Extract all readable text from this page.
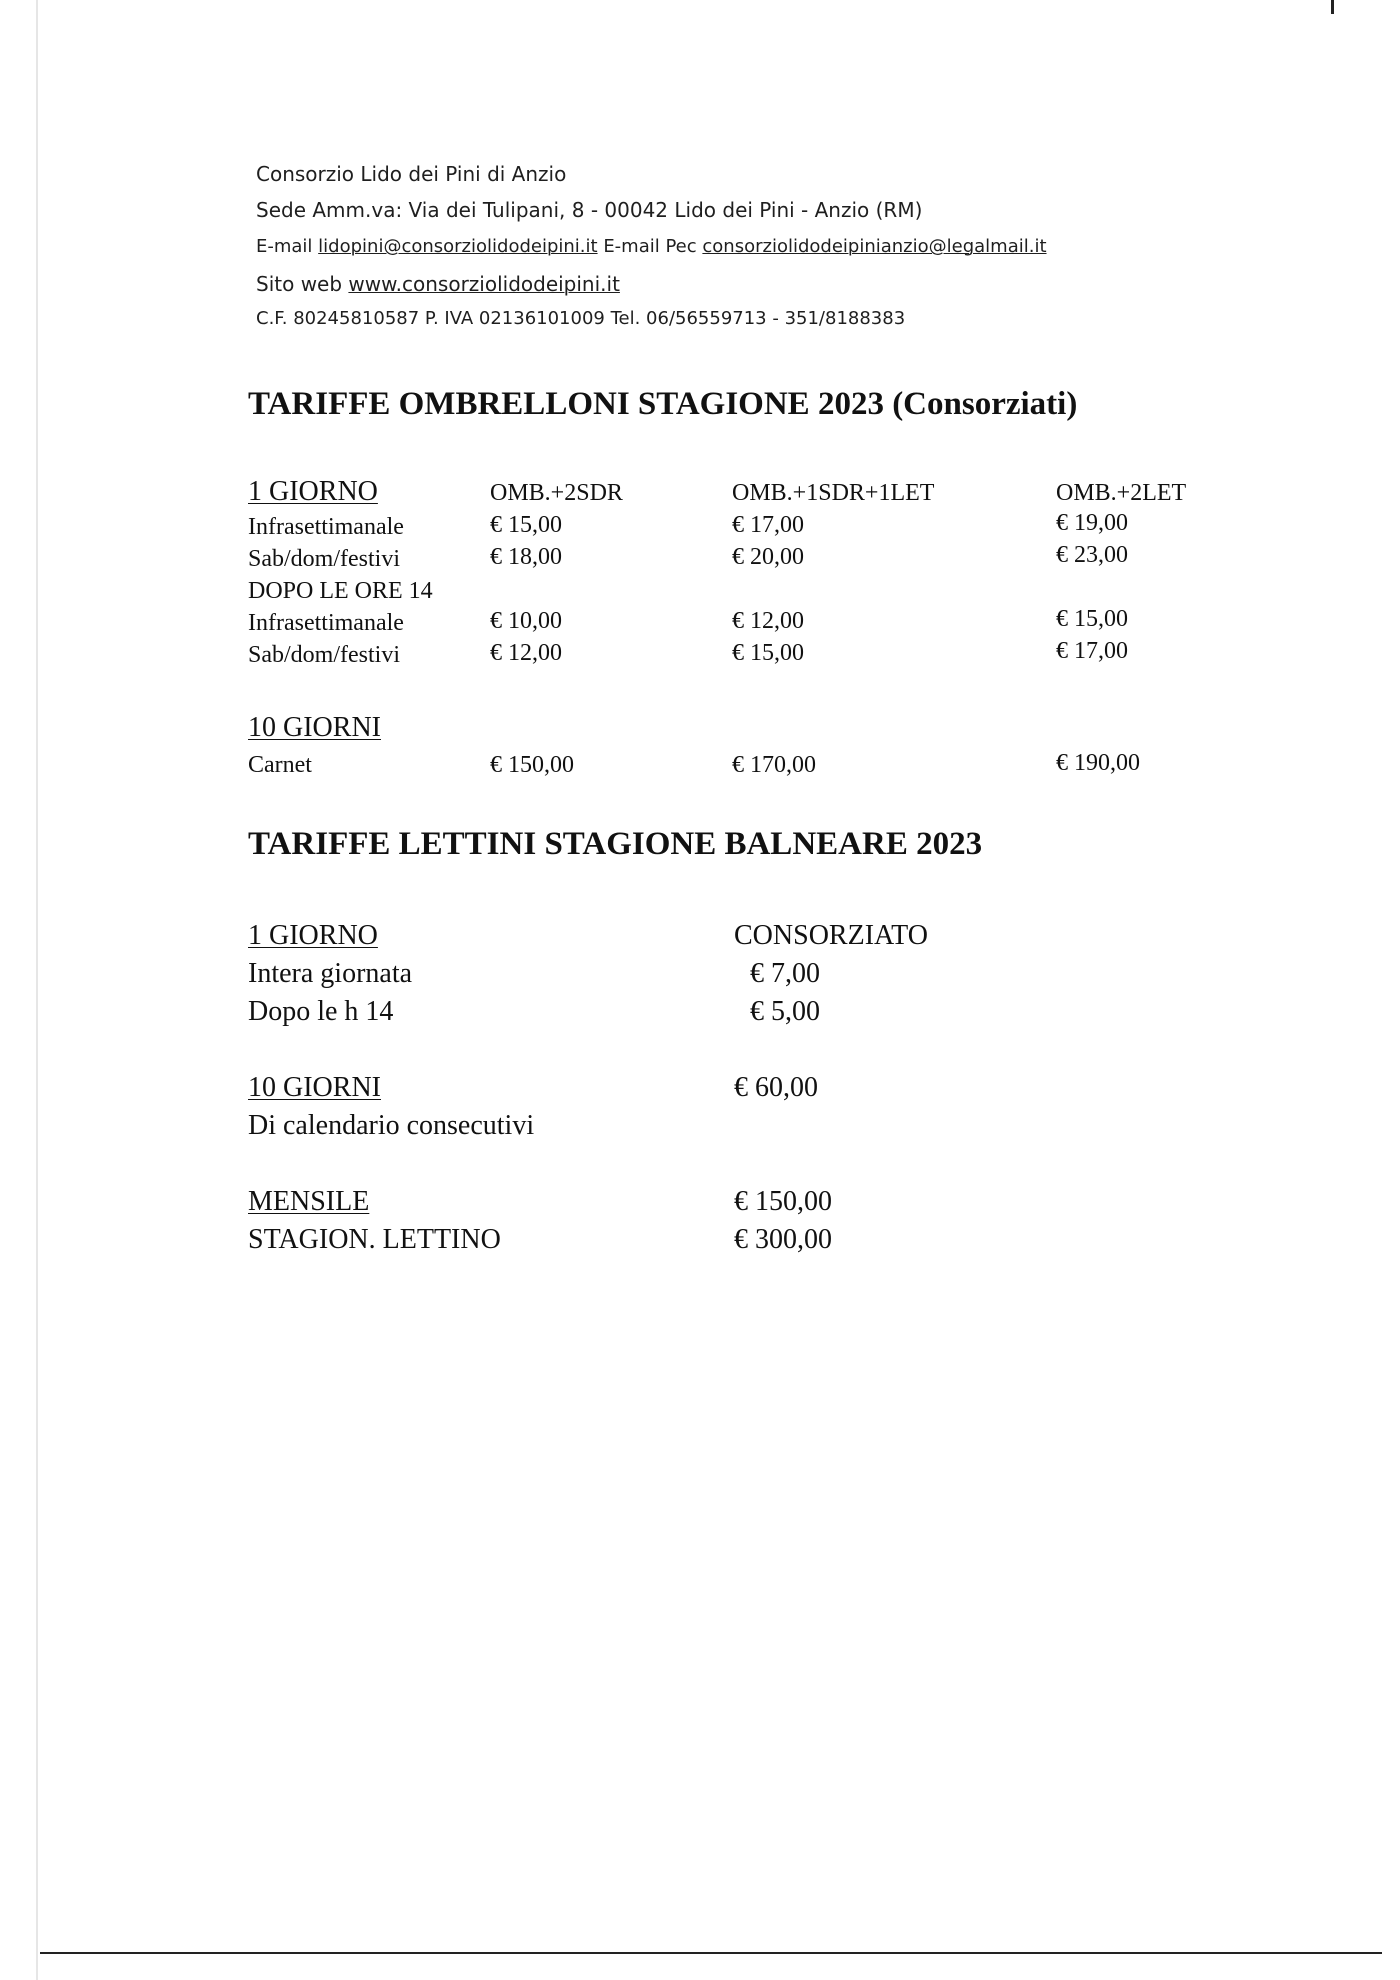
Consorzio Lido dei Pini di Anzio
Sede Amm.va: Via dei Tulipani, 8 - 00042 Lido dei Pini - Anzio (RM)
E-mail lidopini@consorziolidodeipini.it E-mail Pec consorziolidodeipinianzio@legalmail.it
Sito web www.consorziolidodeipini.it
C.F. 80245810587 P. IVA 02136101009 Tel. 06/56559713 - 351/8188383
TARIFFE OMBRELLONI STAGIONE 2023 (Consorziati)
1 GIORNO	OMB.+2SDR	OMB.+1SDR+1LET	OMB.+2LET
Infrasettimanale	€ 15,00	€ 17,00	€ 19,00
Sab/dom/festivi	€ 18,00	€ 20,00	€ 23,00
DOPO LE ORE 14
Infrasettimanale	€ 10,00	€ 12,00	€ 15,00
Sab/dom/festivi	€ 12,00	€ 15,00	€ 17,00
10 GIORNI
Carnet	€ 150,00	€ 170,00	€ 190,00
TARIFFE LETTINI STAGIONE BALNEARE 2023
1 GIORNO	CONSORZIATO
Intera giornata	€ 7,00
Dopo le h 14	€ 5,00
10 GIORNI	€ 60,00
Di calendario consecutivi
MENSILE	€ 150,00
STAGION. LETTINO	€ 300,00
